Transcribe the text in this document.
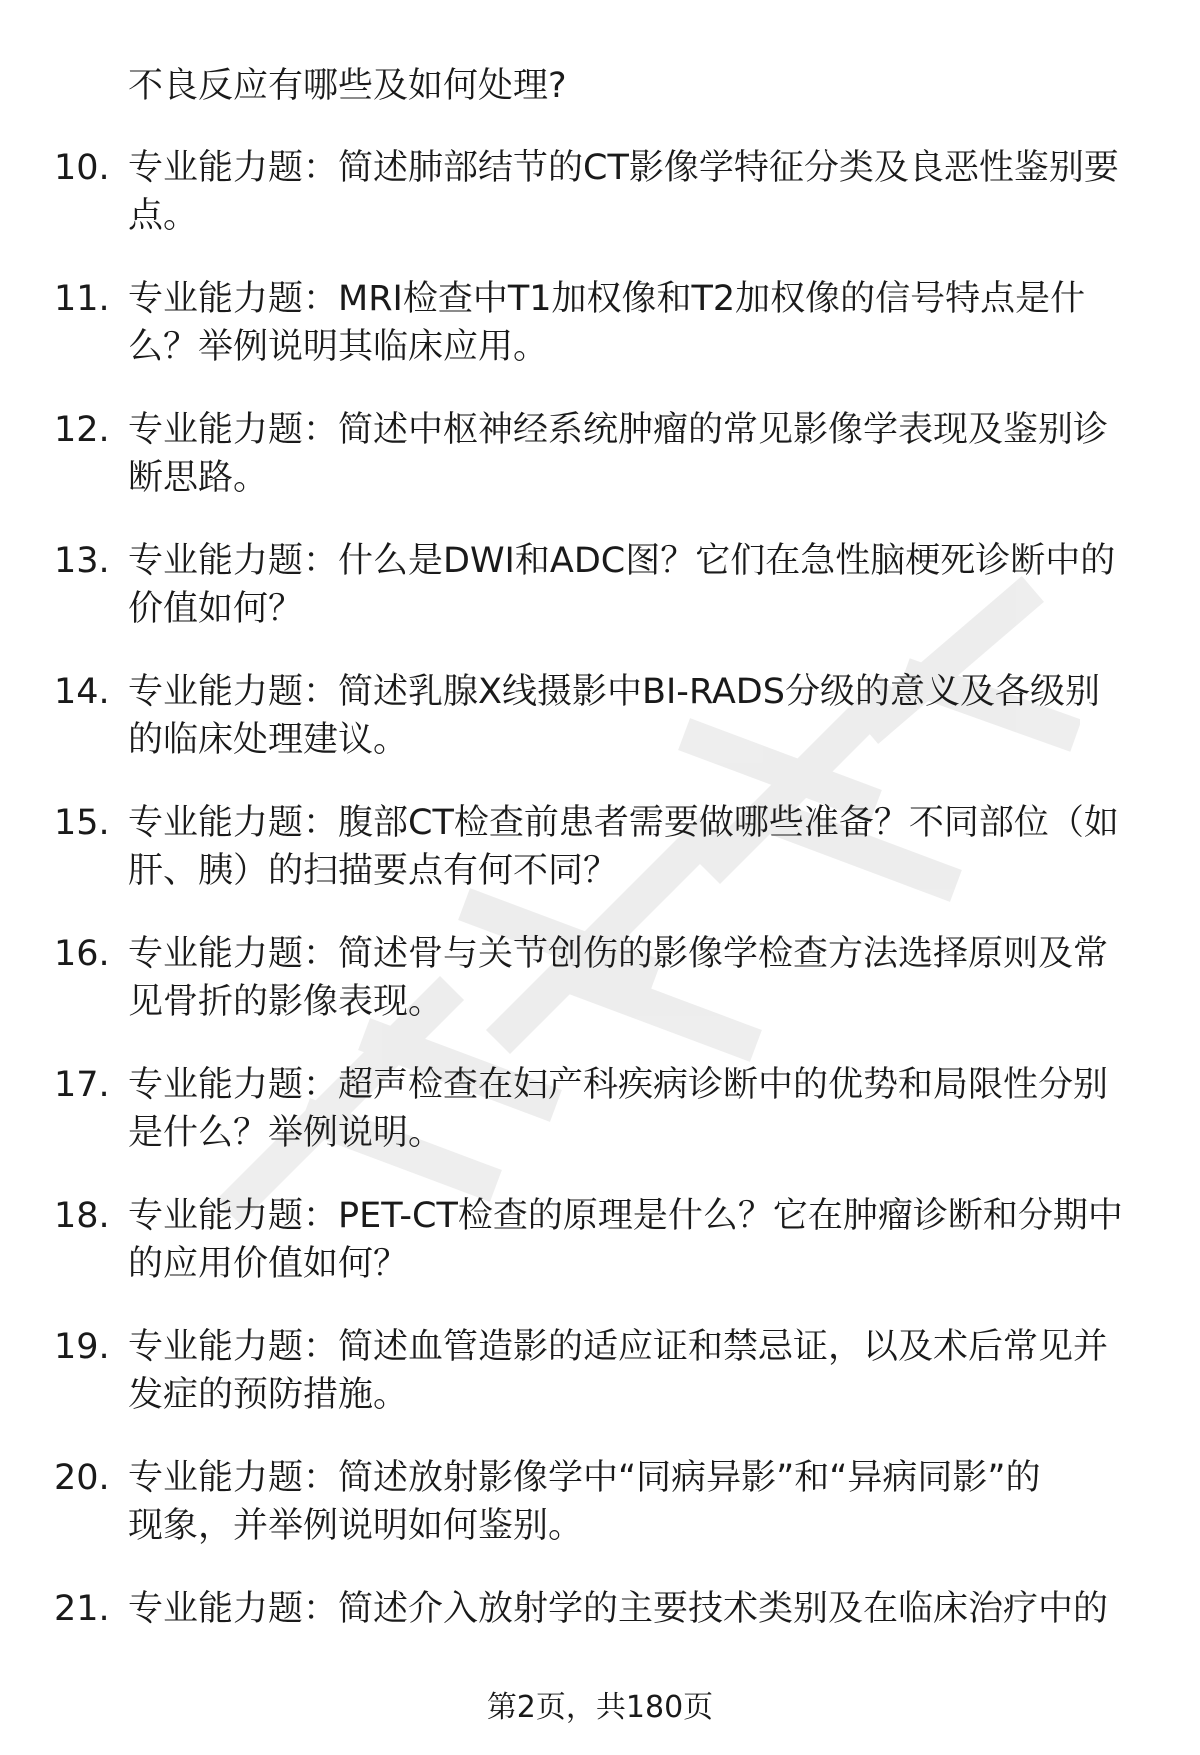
不良反应有哪些及如何处理?
10. 专业能力题：简述肺部结节的CT影像学特征分类及良恶性鉴别要
点。
11. 专业能力题：MRI检查中T1加权像和T2加权像的信号特点是什
么？举例说明其临床应用。
12. 专业能力题：简述中枢神经系统肿瘤的常见影像学表现及鉴别诊
断思路。
13. 专业能力题：什么是DWI和ADC图？它们在急性脑梗死诊断中的
价值如何？
14. 专业能力题：简述乳腺X线摄影中BI-RADS分级的意义及各级别
的临床处理建议。
15. 专业能力题：腹部CT检查前患者需要做哪些准备？不同部位（如
肝、胰）的扫描要点有何不同？
16. 专业能力题：简述骨与关节创伤的影像学检查方法选择原则及常
见骨折的影像表现。
17. 专业能力题：超声检查在妇产科疾病诊断中的优势和局限性分别
是什么？举例说明。
18. 专业能力题：PET-CT检查的原理是什么？它在肿瘤诊断和分期中
的应用价值如何？
19. 专业能力题：简述血管造影的适应证和禁忌证，以及术后常见并
发症的预防措施。
20. 专业能力题：简述放射影像学中“同病异影”和“异病同影”的
现象，并举例说明如何鉴别。
21. 专业能力题：简述介入放射学的主要技术类别及在临床治疗中的
第2页，共180页
